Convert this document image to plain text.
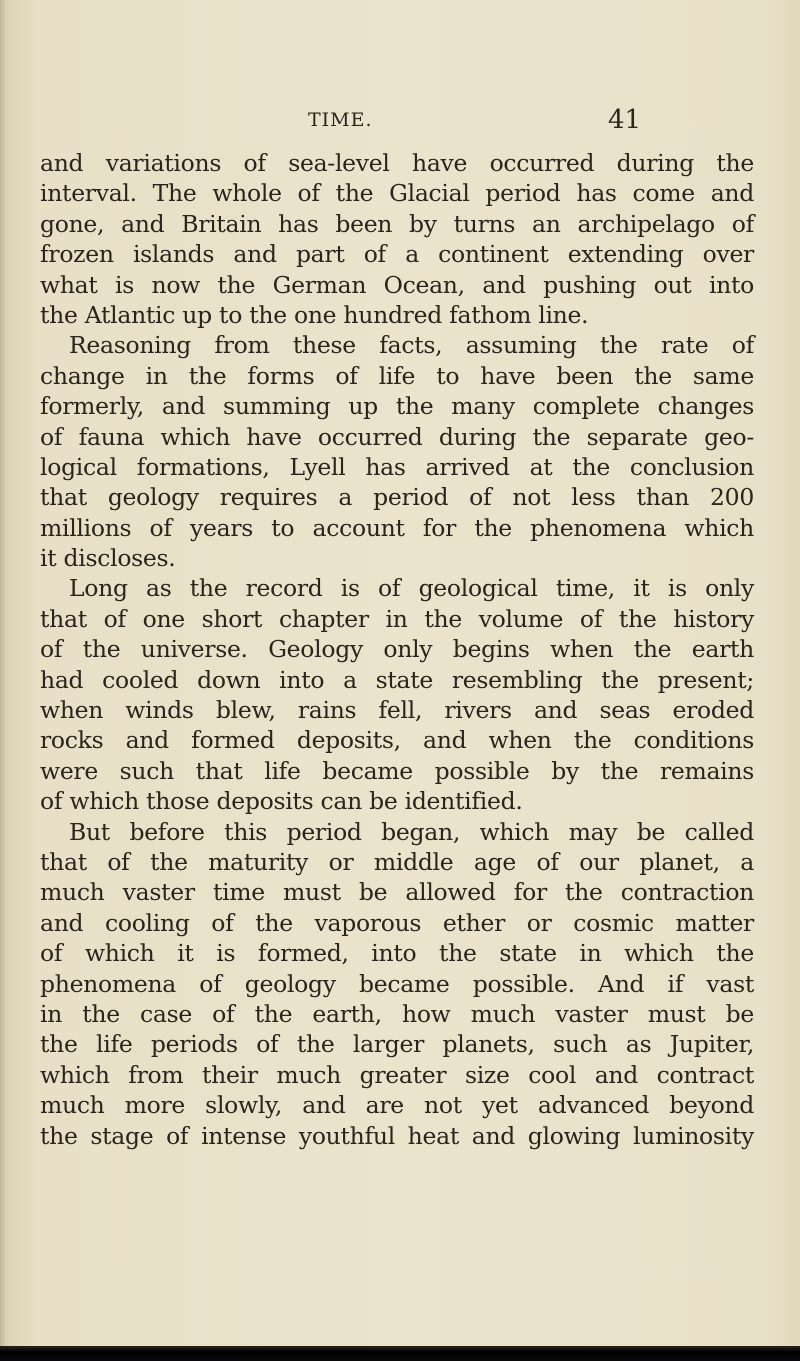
TIME.	41
and variations of sea-level have occurred during the
interval. The whole of the Glacial period has come and
gone, and Britain has been by turns an archipelago of
frozen islands and part of a continent extending over
what is now the German Ocean, and pushing out into
the Atlantic up to the one hundred fathom line.
Reasoning from these facts, assuming the rate of
change in the forms of life to have been the same
formerly, and summing up the many complete changes
of fauna which have occurred during the separate geo-
logical formations, Lyell has arrived at the conclusion
that geology requires a period of not less than 200
millions of years to account for the phenomena which
it discloses.
Long as the record is of geological time, it is only
that of one short chapter in the volume of the history
of the universe. Geology only begins when the earth
had cooled down into a state resembling the present;
when winds blew, rains fell, rivers and seas eroded
rocks and formed deposits, and when the conditions
were such that life became possible by the remains
of which those deposits can be identified.
But before this period began, which may be called
that of the maturity or middle age of our planet, a
much vaster time must be allowed for the contraction
and cooling of the vaporous ether or cosmic matter
of which it is formed, into the state in which the
phenomena of geology became possible. And if vast
in the case of the earth, how much vaster must be
the life periods of the larger planets, such as Jupiter,
which from their much greater size cool and contract
much more slowly, and are not yet advanced beyond
the stage of intense youthful heat and glowing luminosity
